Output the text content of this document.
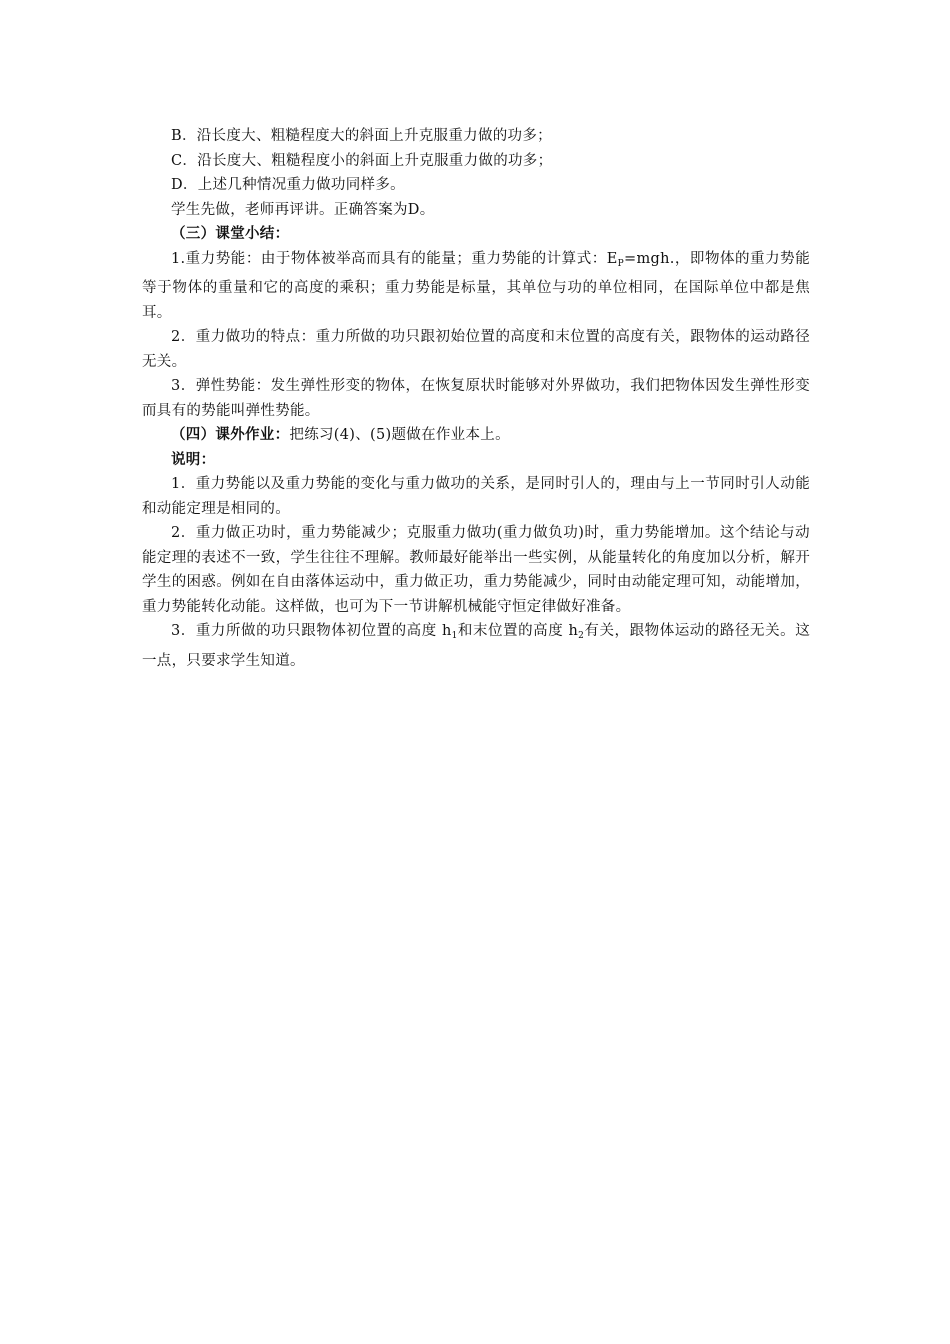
B．沿长度大、粗糙程度大的斜面上升克服重力做的功多；

C．沿长度大、粗糙程度小的斜面上升克服重力做的功多；

D．上述几种情况重力做功同样多。

学生先做，老师再评讲。正确答案为D。

（三）课堂小结：

1.重力势能：由于物体被举高而具有的能量；重力势能的计算式：$E_P=mgh$.，即物体的重力势能等于物体的重量和它的高度的乘积；重力势能是标量，其单位与功的单位相同，在国际单位中都是焦耳。

2．重力做功的特点：重力所做的功只跟初始位置的高度和末位置的高度有关，跟物体的运动路径无关。

3．弹性势能：发生弹性形变的物体，在恢复原状时能够对外界做功，我们把物体因发生弹性形变而具有的势能叫弹性势能。

（四）课外作业：把练习(4)、(5)题做在作业本上。

说明：

1．重力势能以及重力势能的变化与重力做功的关系，是同时引人的，理由与上一节同时引人动能和动能定理是相同的。

2．重力做正功时，重力势能减少；克服重力做功(重力做负功)时，重力势能增加。这个结论与动能定理的表述不一致，学生往往不理解。教师最好能举出一些实例，从能量转化的角度加以分析，解开学生的困惑。例如在自由落体运动中，重力做正功，重力势能减少，同时由动能定理可知，动能增加，重力势能转化动能。这样做，也可为下一节讲解机械能守恒定律做好准备。

3．重力所做的功只跟物体初位置的高度 $h_1$和末位置的高度 $h_2$有关，跟物体运动的路径无关。这一点，只要求学生知道。
